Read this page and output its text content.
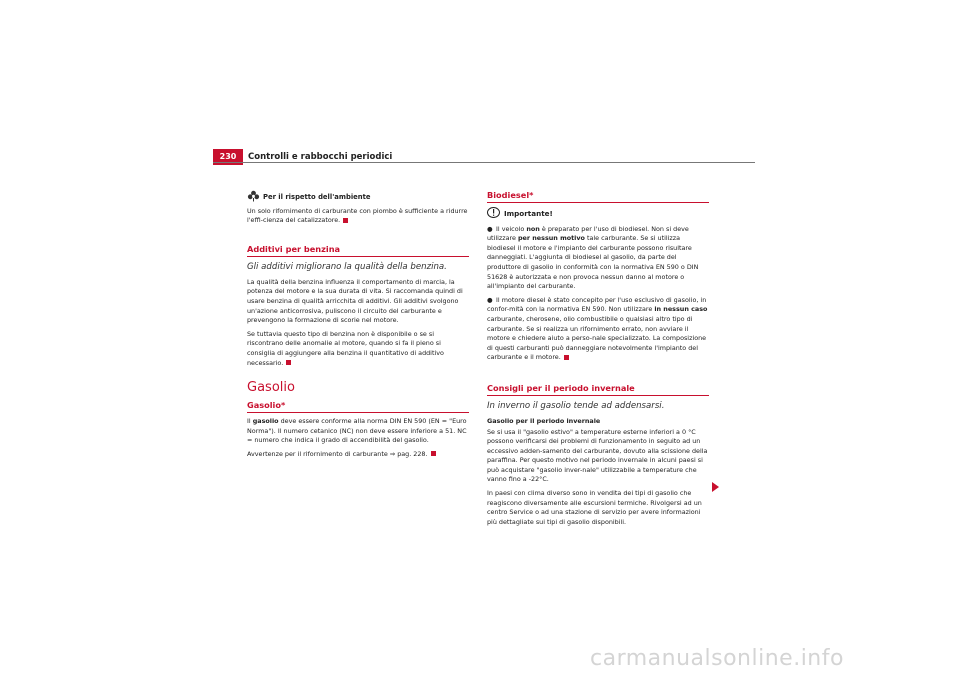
230	Controlli e rabbocchi periodici
Per il rispetto dell'ambiente

Un solo rifornimento di carburante con piombo è sufficiente a ridurre l'effi-cienza del catalizzatore.

Additivi per benzina
Gli additivi migliorano la qualità della benzina.

La qualità della benzina influenza il comportamento di marcia, la potenza del motore e la sua durata di vita. Si raccomanda quindi di usare benzina di qualità arricchita di additivi. Gli additivi svolgono un'azione anticorrosiva, puliscono il circuito del carburante e prevengono la formazione di scorie nel motore.

Se tuttavia questo tipo di benzina non è disponibile o se si riscontrano delle anomalie al motore, quando si fa il pieno si consiglia di aggiungere alla benzina il quantitativo di additivo necessario.

Gasolio
Gasolio*

Il gasolio deve essere conforme alla norma DIN EN 590 (EN = "Euro Norma"). Il numero cetanico (NC) non deve essere inferiore a 51. NC = numero che indica il grado di accendibilità del gasolio.

Avvertenze per il rifornimento di carburante ⇒ pag. 228.

Biodiesel*
Importante!

● Il veicolo non è preparato per l'uso di biodiesel. Non si deve utilizzare per nessun motivo tale carburante. Se si utilizza biodiesel il motore e l'impianto del carburante possono risultare danneggiati. L'aggiunta di biodiesel al gasolio, da parte del produttore di gasolio in conformità con la normativa EN 590 o DIN 51628 è autorizzata e non provoca nessun danno al motore o all'impianto del carburante.

● Il motore diesel è stato concepito per l'uso esclusivo di gasolio, in confor-mità con la normativa EN 590. Non utilizzare in nessun caso carburante, cherosene, olio combustibile o qualsiasi altro tipo di carburante. Se si realizza un rifornimento errato, non avviare il motore e chiedere aiuto a perso-nale specializzato. La composizione di questi carburanti può danneggiare notevolmente l'impianto del carburante e il motore.

Consigli per il periodo invernale
In inverno il gasolio tende ad addensarsi.
Gasolio per il periodo invernale

Se si usa il "gasolio estivo" a temperature esterne inferiori a 0 °C possono verificarsi dei problemi di funzionamento in seguito ad un eccessivo adden-samento del carburante, dovuto alla scissione della paraffina. Per questo motivo nel periodo invernale in alcuni paesi si può acquistare "gasolio inver-nale" utilizzabile a temperature che vanno fino a -22°C.

In paesi con clima diverso sono in vendita dei tipi di gasolio che reagiscono diversamente alle escursioni termiche. Rivolgersi ad un centro Service o ad una stazione di servizio per avere informazioni più dettagliate sui tipi di gasolio disponibili.

carmanualsonline.info
